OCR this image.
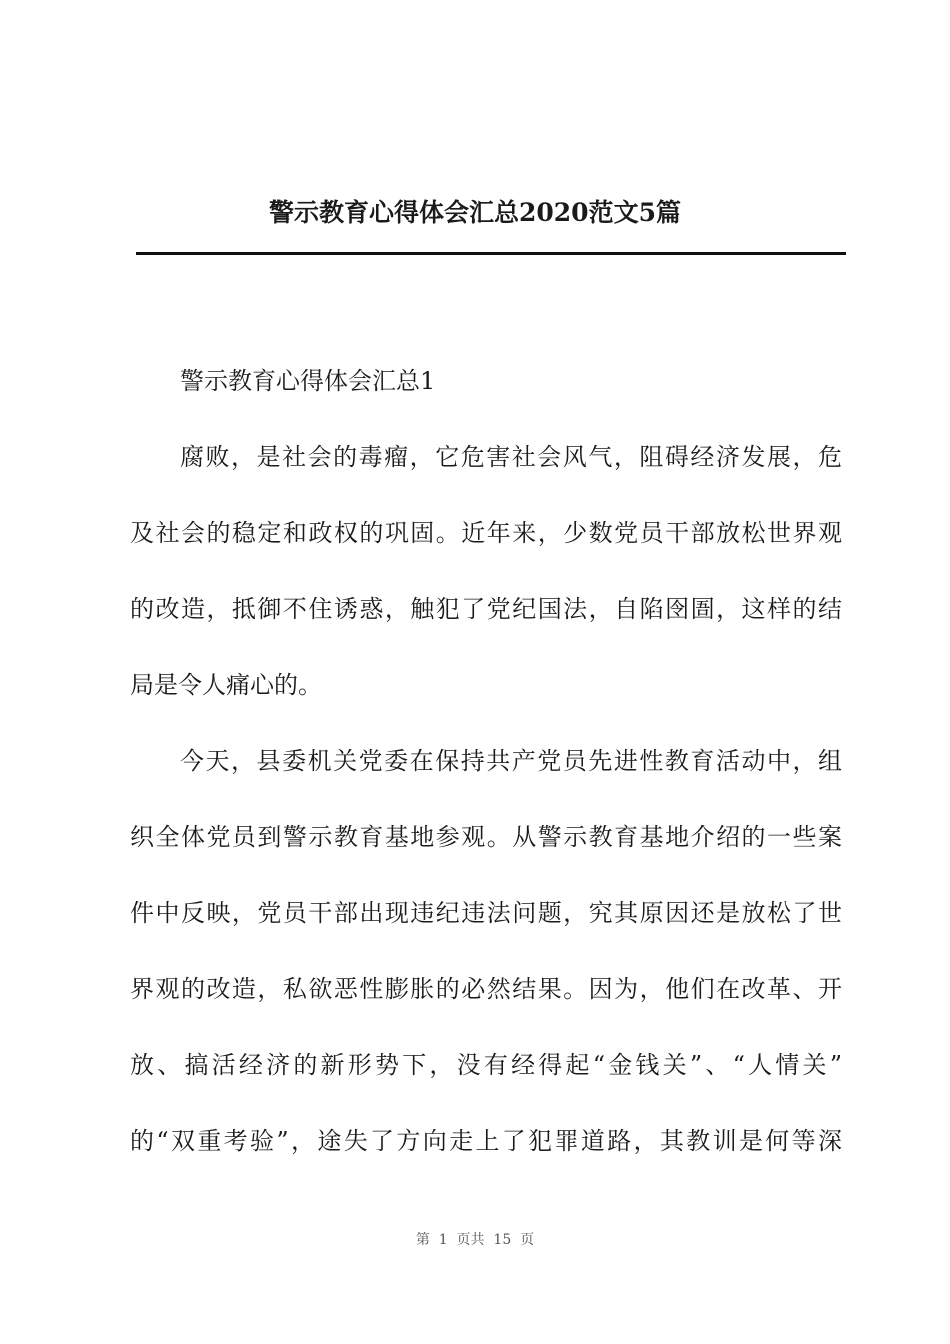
警示教育心得体会汇总2020范文5篇

警示教育心得体会汇总1

腐败，是社会的毒瘤，它危害社会风气，阻碍经济发展，危
及社会的稳定和政权的巩固。近年来，少数党员干部放松世界观
的改造，抵御不住诱惑，触犯了党纪国法，自陷囹圄，这样的结
局是令人痛心的。

今天，县委机关党委在保持共产党员先进性教育活动中，组
织全体党员到警示教育基地参观。从警示教育基地介绍的一些案
件中反映，党员干部出现违纪违法问题，究其原因还是放松了世
界观的改造，私欲恶性膨胀的必然结果。因为，他们在改革、开
放、搞活经济的新形势下，没有经得起“金钱关”、“人情关”
的“双重考验”，途失了方向走上了犯罪道路，其教训是何等深

第  1  页共  15  页
